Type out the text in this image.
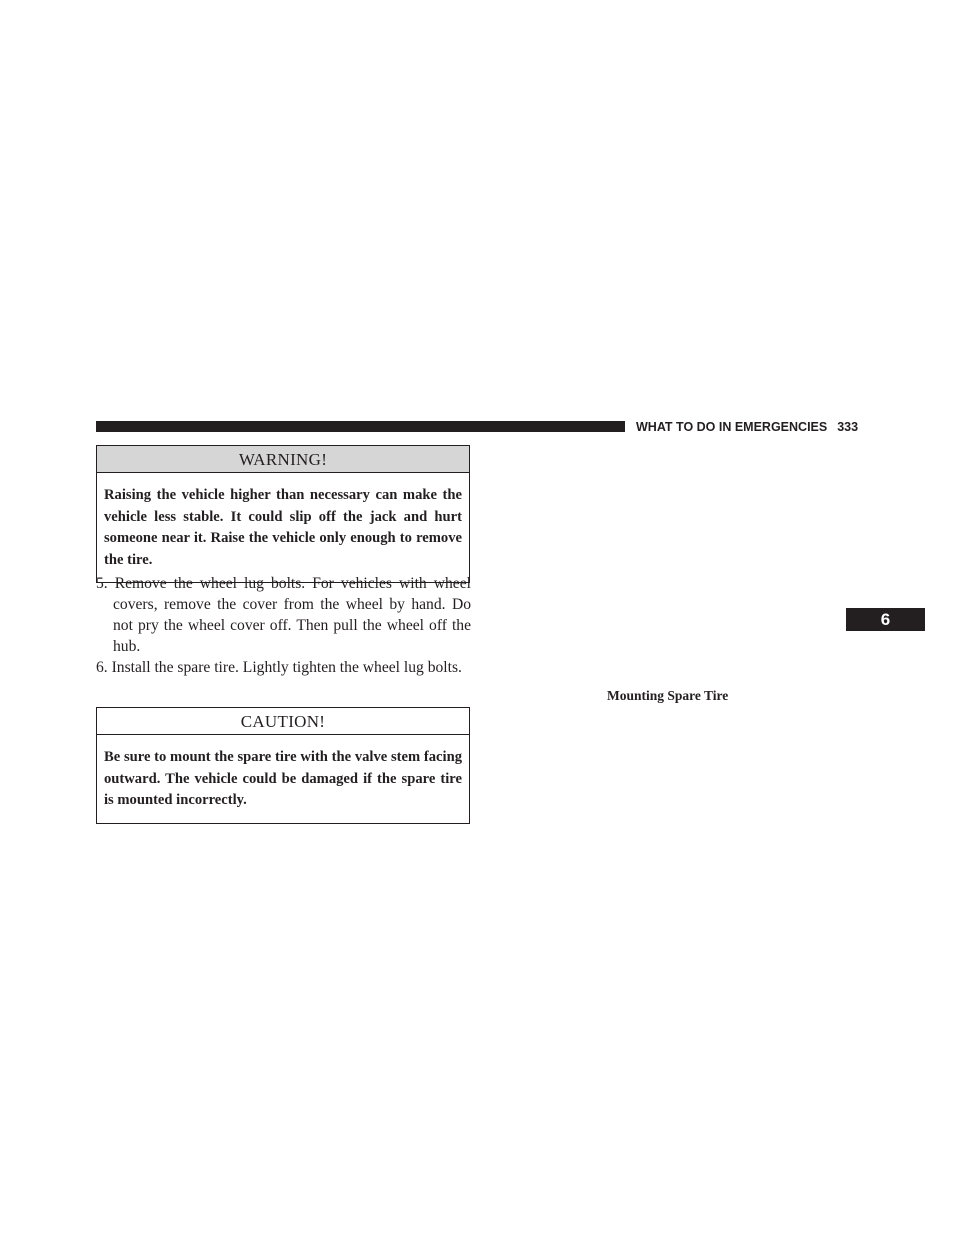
WHAT TO DO IN EMERGENCIES 333
WARNING!
Raising the vehicle higher than necessary can make the vehicle less stable. It could slip off the jack and hurt someone near it. Raise the vehicle only enough to remove the tire.
5. Remove the wheel lug bolts. For vehicles with wheel covers, remove the cover from the wheel by hand. Do not pry the wheel cover off. Then pull the wheel off the hub.
6. Install the spare tire. Lightly tighten the wheel lug bolts.
CAUTION!
Be sure to mount the spare tire with the valve stem facing outward. The vehicle could be damaged if the spare tire is mounted incorrectly.
Mounting Spare Tire
6
